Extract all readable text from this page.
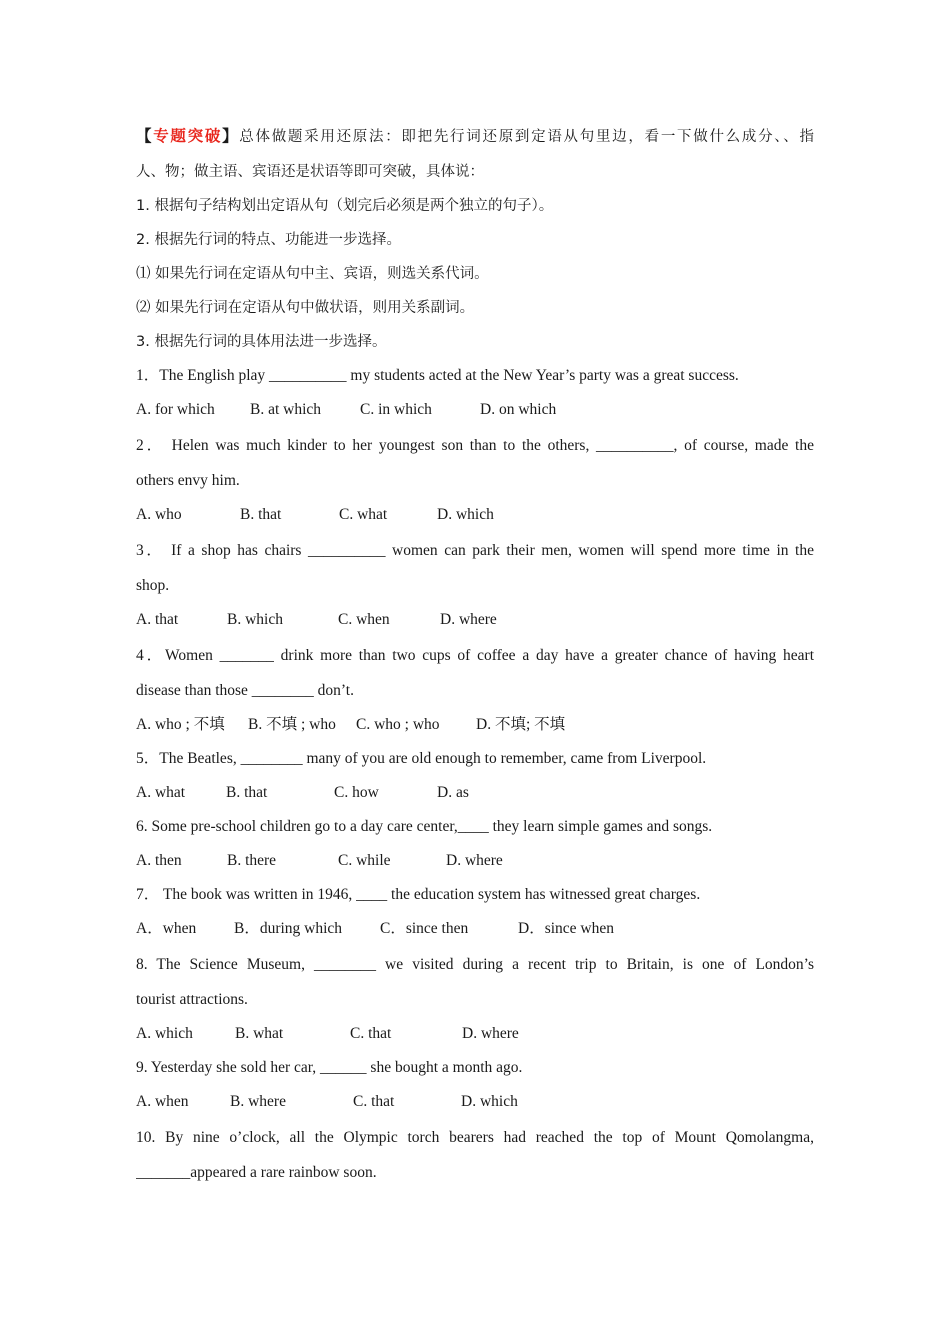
【专题突破】总体做题采用还原法：即把先行词还原到定语从句里边，看一下做什么成分、、指
人、物；做主语、宾语还是状语等即可突破，具体说：
1. 根据句子结构划出定语从句（划完后必须是两个独立的句子）。
2. 根据先行词的特点、功能进一步选择。
⑴ 如果先行词在定语从句中主、宾语，则选关系代词。
⑵ 如果先行词在定语从句中做状语，则用关系副词。
3. 根据先行词的具体用法进一步选择。
1．The English play __________ my students acted at the New Year’s party was a great success.
A. for which B. at which	C. in which	D. on which
2． Helen was much kinder to her youngest son than to the others, __________, of course, made the
others envy him.
A. who	B. that	C. what	D. which
3． If a shop has chairs __________ women can park their men, women will spend more time in the
shop.
A. that	B. which	C. when	D. where
4．Women _______ drink more than two cups of coffee a day have a greater chance of having heart
disease than those ________ don’t.
A. who ; 不填 B. 不填 ; who C. who ; who D. 不填; 不填
5．The Beatles, ________ many of you are old enough to remember, came from Liverpool.
A. what	B. that	C. how	D. as
6. Some pre-school children go to a day care center,____ they learn simple games and songs.
A. then	B. there	C. while	D. where
7． The book was written in 1946, ____ the education system has witnessed great charges.
A．when B．during which C．since then	D．since when
8. The Science Museum, ________ we visited during a recent trip to Britain, is one of London’s
tourist attractions.
A. which	B. what	C. that	D. where
9. Yesterday she sold her car, ______ she bought a month ago.
A. when	B. where	C. that	D. which
10. By nine o’clock, all the Olympic torch bearers had reached the top of Mount Qomolangma,
_______appeared a rare rainbow soon.
